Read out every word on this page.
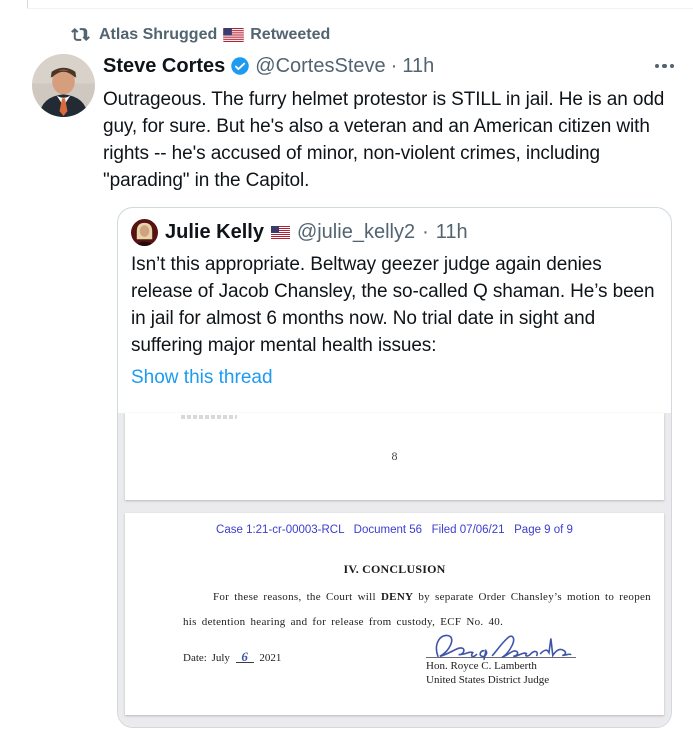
Atlas Shrugged Retweeted
Steve Cortes @CortesSteve · 11h
Outrageous. The furry helmet protestor is STILL in jail. He is an odd guy, for sure. But he's also a veteran and an American citizen with rights -- he's accused of minor, non-violent crimes, including "parading" in the Capitol.
Julie Kelly @julie_kelly2 · 11h
Isn’t this appropriate. Beltway geezer judge again denies release of Jacob Chansley, the so-called Q shaman. He’s been in jail for almost 6 months now. No trial date in sight and suffering major mental health issues:
Show this thread
8
Case 1:21-cr-00003-RCL   Document 56   Filed 07/06/21   Page 9 of 9
IV. CONCLUSION
For these reasons, the Court will DENY by separate Order Chansley’s motion to reopen
his detention hearing and for release from custody, ECF No. 40.
Date: July 6 2021
Hon. Royce C. Lamberth
United States District Judge
